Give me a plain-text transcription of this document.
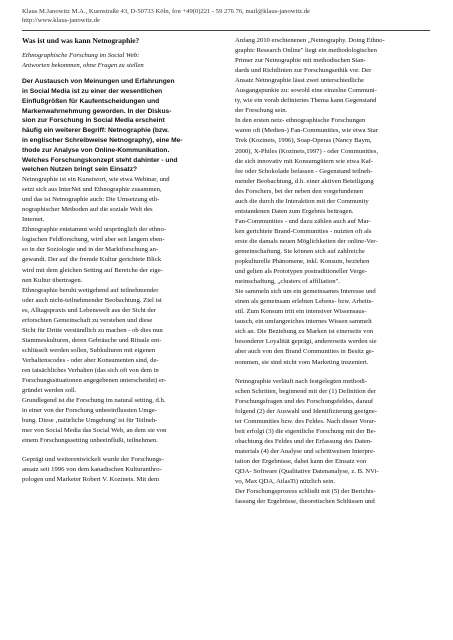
Klaus M.Janowitz M.A., Kuenstraße 43, D-50733 Köln, fon +49(0)221 - 59 276 76, mail@klaus-janowitz.de
http://www.klaus-janowitz.de
Was ist und was kann Netnographie?
Ethnographische Forschung im Social Web:
Antworten bekommen, ohne Fragen zu stellen
Der Austausch von Meinungen und Erfahrungen
in Social Media ist zu einer der wesentlichen
Einflußgrößen für Kaufentscheidungen und
Markenwahrnehmung geworden. In der Diskus-
sion zur Forschung in Social Media erscheint
häufig ein weiterer Begriff: Netnographie (bzw.
in englischer Schreibweise Netnography), eine Me-
thode zur Analyse von Online-Kommunikation.
Welches Forschungskonzept steht dahinter - und
welchen Nutzen bringt sein Einsatz?
Netnographie ist ein Kunstwort, wie etwa Webinar, und
setzt sich aus InterNet und Ethnographie zusammen,
und das ist Netnographie auch: Die Umsetzung eth-
nographischer Methoden auf die soziale Welt des
Internet.
Ethnographie entstammt wohl ursprünglich der ethno-
logischen Feldforschung, wird aber seit langem eben-
so in der Soziologie und in der Marktforschung an-
gewandt. Der auf die fremde Kultur gerichtete Blick
wird mit dem gleichen Setting auf Bereiche der eige-
nen Kultur übertragen.
Ethnographie beruht weitgehend auf teilnehmender
oder auch nicht-teilnehmender Beobachtung. Ziel ist
es, Alltagspraxis und Lebenswelt aus der Sicht der
erforschten Gemeinschaft zu verstehen und diese
Sicht für Dritte verständlich zu machen - ob dies nun
Stammeskulturen, deren Gebräuche und Rituale ent-
schlüsselt werden sollen, Subkulturen mit eigenen
Verhaltenscodes - oder aber Konsumenten sind, de-
ren tatsächliches Verhalten (das sich oft von dem in
Forschungssituationen angegebenen unterscheidet) er-
gründet werden soll.
Grundlegend ist die Forschung im natural setting, d.h.
in einer von der Forschung unbeeinflussten Umge-
bung. Diese ‚natürliche Umgebung' ist für Teilneh-
mer von Social Media das Social Web, an dem sie von
einem Forschungssetting unbeeinflußt, teilnehmen.
Geprägt und weiterentwickelt wurde der Forschungs-
ansatz seit 1996 von dem kanadischen Kulturanthro-
pologen und Marketer Robert V. Kozinets. Mit dem
Anfang 2010 erschienenen „Netnography. Doing Ethno-
graphic Research Online" liegt ein methodologischen
Primer zur Netnographie mit methodischen Stan-
dards und Richtlinien zur Forschungsethik vor. Der
Ansatz Netnographie lässt zwei unterschiedliche
Ausgangspunkte zu: sowohl eine einzelne Communi-
ty, wie ein vorab definiertes Thema kann Gegenstand
der Forschung sein.
In den ersten netz- ethnographische Forschungen
waren oft (Medien-) Fan-Communities, wie etwa Star
Trek (Kozinets, 1996), Soap-Operas (Nancy Baym,
2000), X-Philes (Kozinets,1997) - oder Communities,
die sich innovativ mit Konsumgütern wie etwa Kaf-
fee oder Schokolade befassen - Gegenstand teilneh-
mender Beobachtung, d.h. einer aktiven Beteiligung
des Forschers, bei der neben den vorgefundenen
auch die durch die Interaktion mit der Community
entstandenen Daten zum Ergebnis beitragen.
Fan-Communities - und dazu zählen auch auf Mar-
ken gerichtete Brand-Communities - nutzten oft als
erste die damals neuen Möglichkeiten der online-Ver-
gemeinschaftung. Sie können sich auf zahlreiche
popkulturelle Phänomene, inkl. Konsum, beziehen
und gelten als Prototypen postraditioneller Verge-
meinschaftung, „clusters of affiliation".
Sie sammeln sich um ein gemeinsames Interesse und
einen als gemeinsam erlebten Lebens- bzw. Arbeits-
stil. Zum Konsum tritt ein intensiver Wissensaus-
tausch, ein umfangreiches internes Wissen sammelt
sich an. Die Beziehung zu Marken ist einerseits von
besonderer Loyalität geprägt, andererseits werden sie
aber auch von den Brand Communities in Besitz ge-
nommen, sie sind nicht vom Marketing inszeniert.
Netnographie verläuft nach festgelegten methodi-
schen Schritten, beginnend mit der (1) Definition der
Forschungsfragen und des Forschungsfeldes, darauf
folgend (2) der Auswahl und Identifizierung geeigne-
ter Communities bzw. des Feldes. Nach dieser Vorar-
beit erfolgt (3) die eigentliche Forschung mit der Be-
obachtung des Feldes und der Erfassung des Daten-
materials (4) der Analyse und schrittweisen Interpre-
tation der Ergebnisse, dabei kann der Einsatz von
QDA- Software (Qualitative Datenanalyse, z. B. NVi-
vo, Max QDA, AtlasTi) nützlich sein.
Der Forschungsprozess schließt mit (5) der Berichts-
fassung der Ergebnisse, theoretischen Schlüssen und
